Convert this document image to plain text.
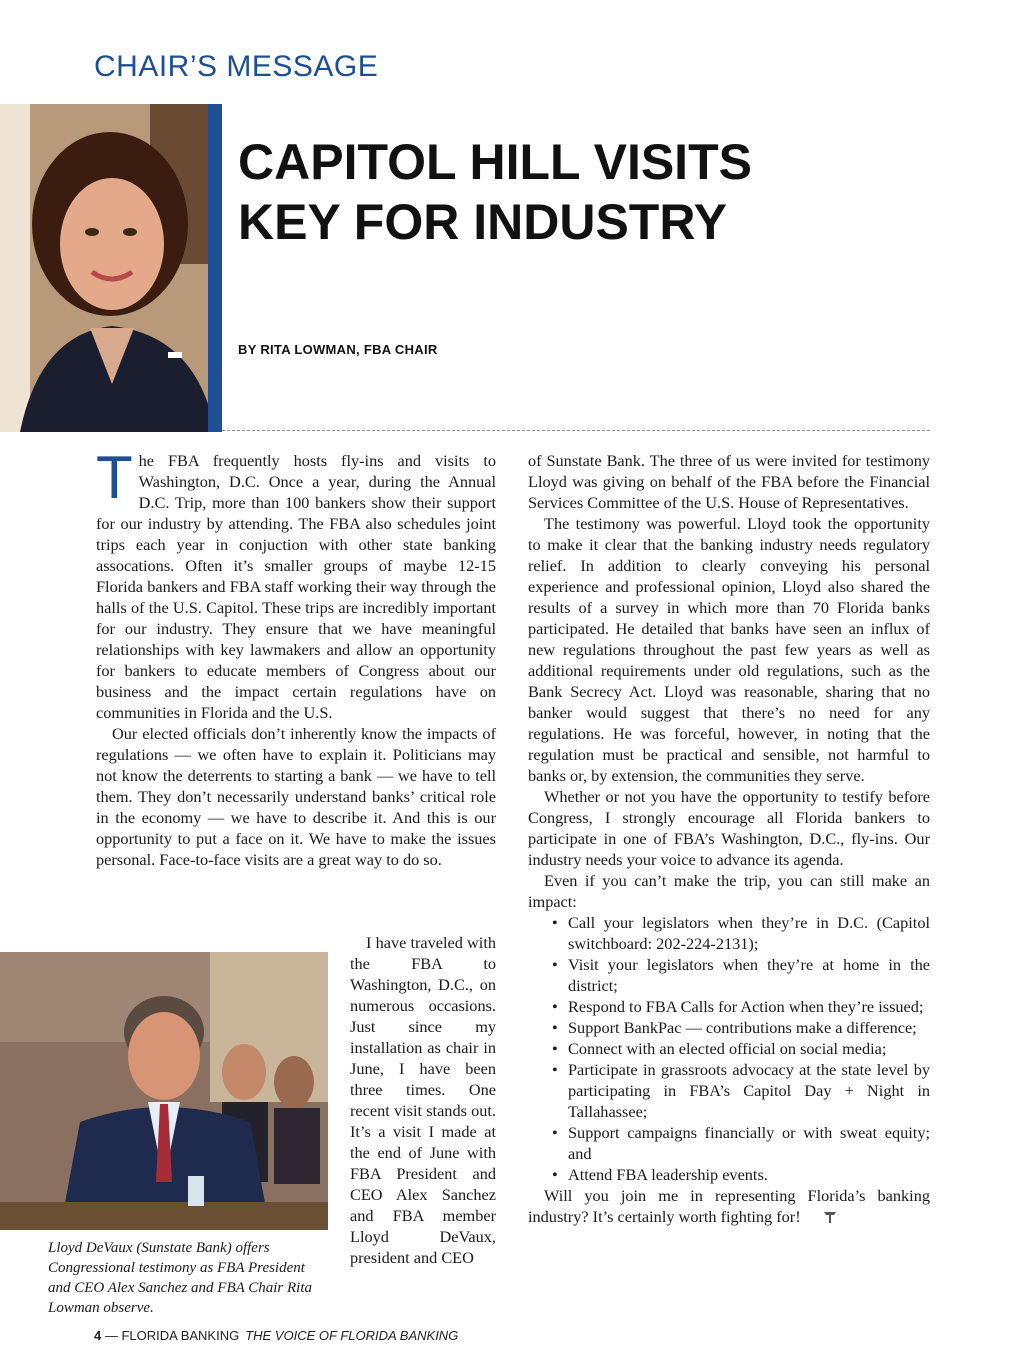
CHAIR’S MESSAGE
CAPITOL HILL VISITS
KEY FOR INDUSTRY
BY RITA LOWMAN, FBA CHAIR

The FBA frequently hosts fly-ins and visits to Washington, D.C. Once a year, during the Annual D.C. Trip, more than 100 bankers show their support for our industry by attending. The FBA also schedules joint trips each year in conjuction with other state banking assocations. Often it’s smaller groups of maybe 12-15 Florida bankers and FBA staff working their way through the halls of the U.S. Capitol. These trips are incredibly important for our industry. They ensure that we have meaningful relationships with key lawmakers and allow an opportunity for bankers to educate members of Congress about our business and the impact certain regulations have on communities in Florida and the U.S.

Our elected officials don’t inherently know the impacts of regulations — we often have to explain it. Politicians may not know the deterrents to starting a bank — we have to tell them. They don’t necessarily understand banks’ critical role in the economy — we have to describe it. And this is our opportunity to put a face on it. We have to make the issues personal. Face-to-face visits are a great way to do so.

I have traveled with the FBA to Washington, D.C., on numerous occasions. Just since my installation as chair in June, I have been three times. One recent visit stands out. It’s a visit I made at the end of June with FBA President and CEO Alex Sanchez and FBA member Lloyd DeVaux, president and CEO

Lloyd DeVaux (Sunstate Bank) offers Congressional testimony as FBA President and CEO Alex Sanchez and FBA Chair Rita Lowman observe.

of Sunstate Bank. The three of us were invited for testimony Lloyd was giving on behalf of the FBA before the Financial Services Committee of the U.S. House of Representatives.

The testimony was powerful. Lloyd took the opportunity to make it clear that the banking industry needs regulatory relief. In addition to clearly conveying his personal experience and professional opinion, Lloyd also shared the results of a survey in which more than 70 Florida banks participated. He detailed that banks have seen an influx of new regulations throughout the past few years as well as additional requirements under old regulations, such as the Bank Secrecy Act. Lloyd was reasonable, sharing that no banker would suggest that there’s no need for any regulations. He was forceful, however, in noting that the regulation must be practical and sensible, not harmful to banks or, by extension, the communities they serve.

Whether or not you have the opportunity to testify before Congress, I strongly encourage all Florida bankers to participate in one of FBA’s Washington, D.C., fly-ins. Our industry needs your voice to advance its agenda.

Even if you can’t make the trip, you can still make an impact:

• Call your legislators when they’re in D.C. (Capitol switchboard: 202-224-2131);
• Visit your legislators when they’re at home in the district;
• Respond to FBA Calls for Action when they’re issued;
• Support BankPac — contributions make a difference;
• Connect with an elected official on social media;
• Participate in grassroots advocacy at the state level by participating in FBA’s Capitol Day + Night in Tallahassee;
• Support campaigns financially or with sweat equity; and
• Attend FBA leadership events.

Will you join me in representing Florida’s banking industry? It’s certainly worth fighting for!

4 — FLORIDA BANKING THE VOICE OF FLORIDA BANKING
